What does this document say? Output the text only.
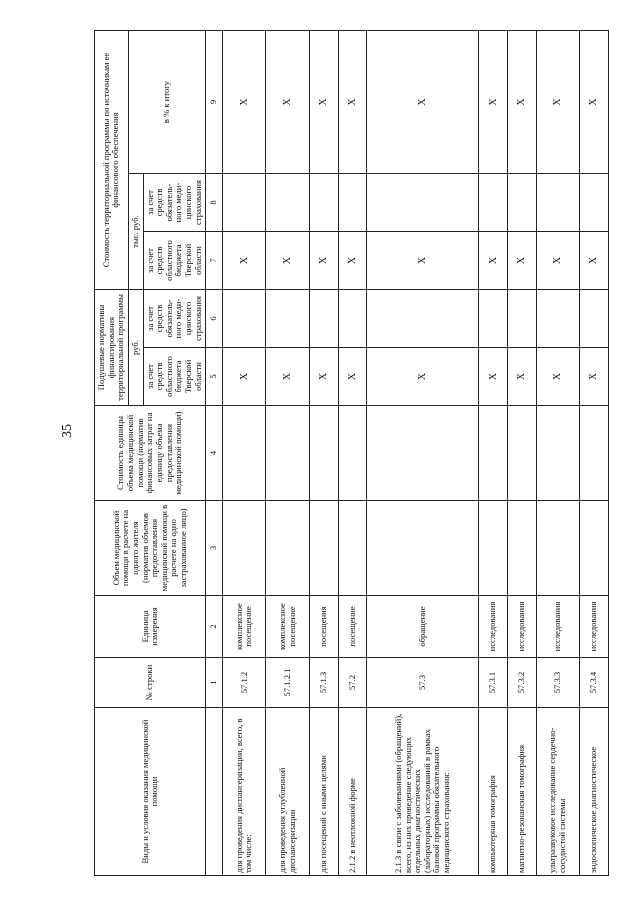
35
Виды и условия оказания медицинской помощи	№ строки	Единица измерения	Объем медицинской помощи в расчете на одного жителя (норматив объемов предоставления медицинской помощи в расчете на одно застрахованное лицо)	Стоимость единицы объема медицинской помощи (норматив финансовых затрат на единицу объема предоставления медицинской помощи)	Подушевые нормативы финансирования территориальной программы		Стоимость территориальной программы по источникам ее финансового обеспечения		
					руб.		тыс. руб.		в % к итогу
					за счет средств областного бюджета Тверской области	за счет средств обязатель-ного меди-цинского страхования	за счет средств областного бюджета Тверской области	за счет средств обязатель-ного меди-цинского страхования	
	1	2	3	4	5	6	7	8	9
для проведения диспансеризации, всего, в том числе:	57.1.2	комплексное посещение			X		X		X
для проведения углубленной диспансеризации	57.1.2.1	комплексное посещение			X		X		X
для посещений с иными целями	57.1.3	посещения			X		X		X
2.1.2 в неотложной форме	57.2	посещение			X		X		X
2.1.3 в связи с заболеваниями (обращений), всего, из них проведение следующих отдельных диагностических (лабораторных) исследований в рамках базовой программы обязательного медицинского страхования:	57.3	обращение			X		X		X
компьютерная томография	57.3.1	исследования			X		X		X
магнитно-резонансная томография	57.3.2	исследования			X		X		X
ультразвуковое исследование сердечно-сосудистой системы	57.3.3	исследования			X		X		X
эндоскопическое диагностическое	57.3.4	исследования			X		X		X
